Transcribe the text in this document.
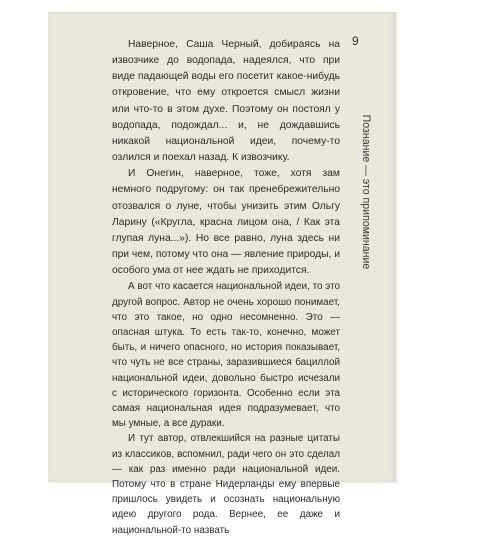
9
Познание — это припоминание

Наверное, Саша Черный, добираясь на извозчике до водопада, надеялся, что при виде падающей воды его посетит какое-нибудь откровение, что ему откроется смысл жизни или что-то в этом духе. Поэтому он постоял у водопада, подождал... и, не дождавшись никакой национальной идеи, почему-то озлился и поехал назад. К извозчику.

И Онегин, наверное, тоже, хотя зам немного подругому: он так пренебрежительно отозвался о луне, чтобы унизить этим Ольгу Ларину («Кругла, красна лицом она, / Как эта глупая луна...»). Но все равно, луна здесь ни при чем, потому что она — явление природы, и особого ума от нее ждать не приходится.

А вот что касается национальной идеи, то это другой вопрос. Автор не очень хорошо понимает, что это такое, но одно несомненно. Это — опасная штука. То есть так-то, конечно, может быть, и ничего опасного, но история показывает, что чуть не все страны, заразившиеся бациллой национальной идеи, довольно быстро исчезали с исторического горизонта. Особенно если эта самая национальная идея подразумевает, что мы умные, а все дураки.

И тут автор, отвлекшийся на разные цитаты из классиков, вспомнил, ради чего он это сделал — как раз именно ради национальной идеи. Потому что в стране Нидерланды ему впервые пришлось увидеть и осознать национальную идею другого рода. Вернее, ее даже и национальной-то назвать
